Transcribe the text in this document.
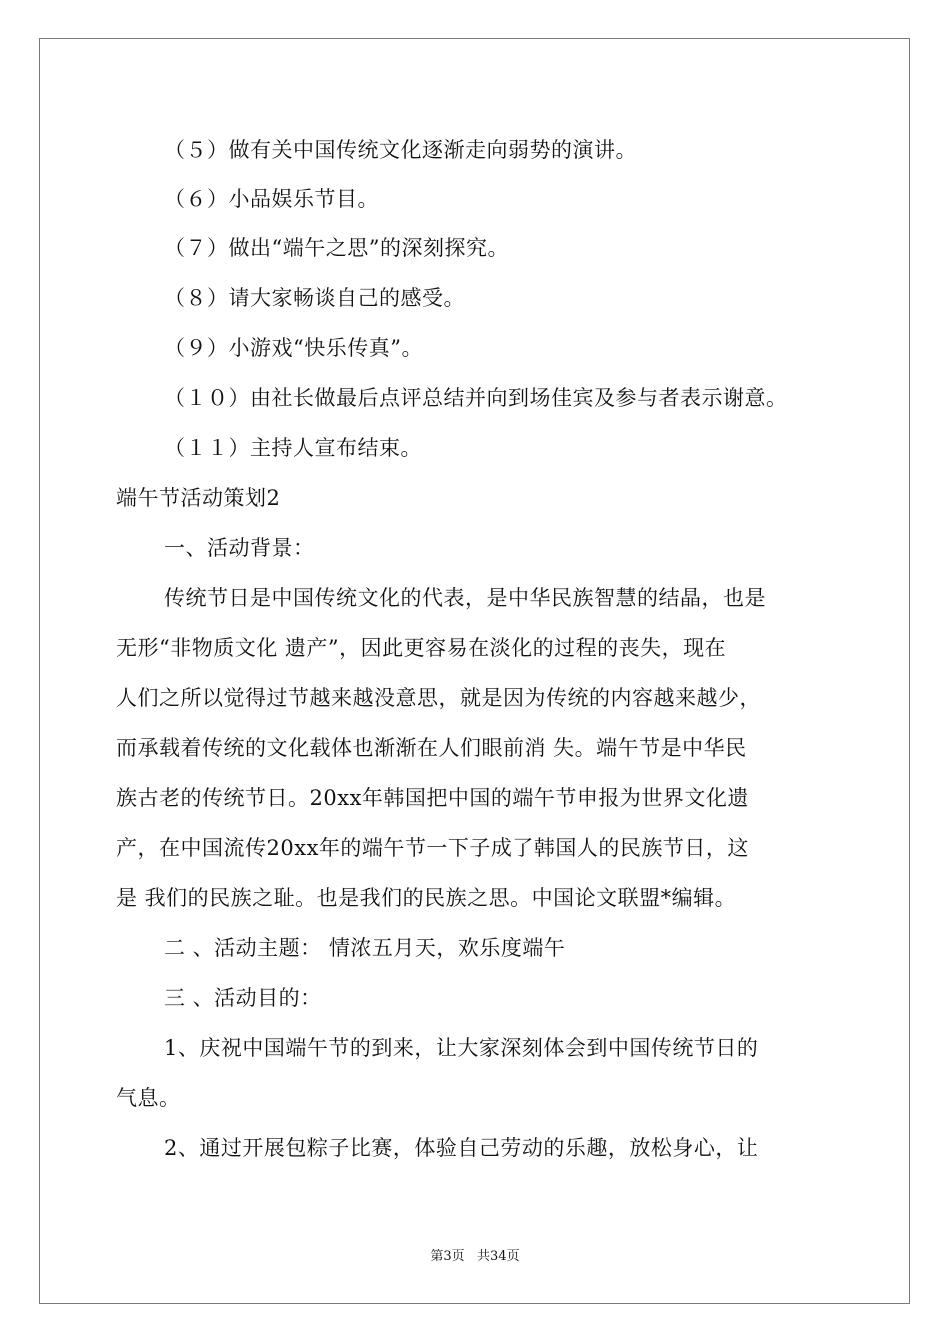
（５）做有关中国传统文化逐渐走向弱势的演讲。
（６）小品娱乐节目。
（７）做出“端午之思”的深刻探究。
（８）请大家畅谈自己的感受。
（９）小游戏“快乐传真”。
（１０）由社长做最后点评总结并向到场佳宾及参与者表示谢意。
（１１）主持人宣布结束。
端午节活动策划2
一、活动背景：
传统节日是中国传统文化的代表，是中华民族智慧的结晶，也是
无形“非物质文化 遗产”，因此更容易在淡化的过程的丧失，现在
人们之所以觉得过节越来越没意思，就是因为传统的内容越来越少，
而承载着传统的文化载体也渐渐在人们眼前消 失。端午节是中华民
族古老的传统节日。20xx年韩国把中国的端午节申报为世界文化遗
产，在中国流传20xx年的端午节一下子成了韩国人的民族节日，这
是 我们的民族之耻。也是我们的民族之思。中国论文联盟*编辑。
二 、活动主题： 情浓五月天，欢乐度端午
三 、活动目的：
1、庆祝中国端午节的到来，让大家深刻体会到中国传统节日的
气息。
2、通过开展包粽子比赛，体验自己劳动的乐趣，放松身心，让
第3页   共34页
